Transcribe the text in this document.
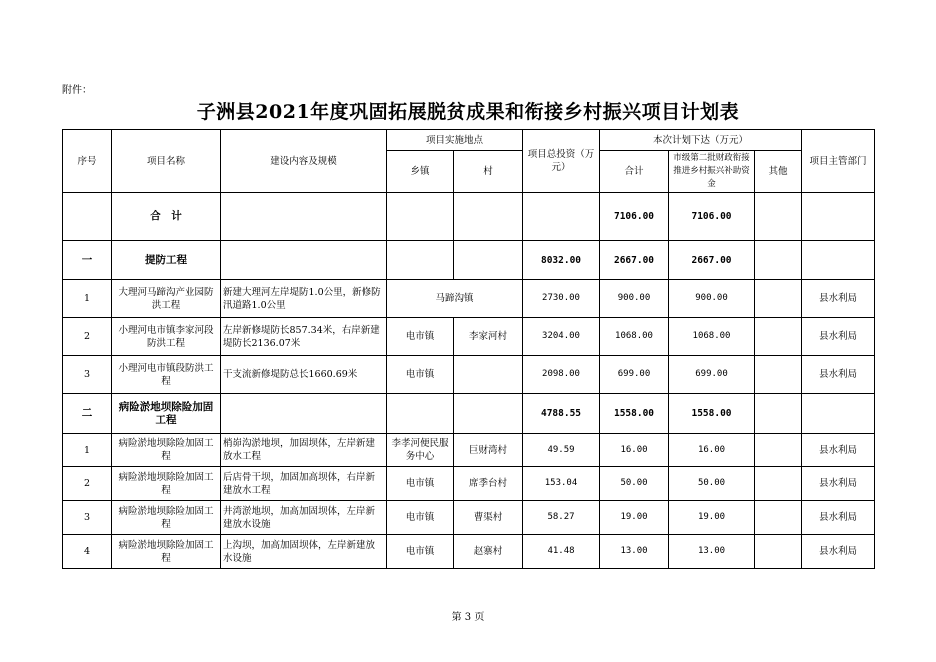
附件：
子洲县2021年度巩固拓展脱贫成果和衔接乡村振兴项目计划表
序号	项目名称	建设内容及规模	项目实施地点		项目总投资（万元）	本次计划下达（万元）			项目主管部门
			乡镇	村		合计	市级第二批财政衔接推进乡村振兴补助资金	其他	
	合　计					7106.00	7106.00		
一	提防工程				8032.00	2667.00	2667.00		
1	大理河马蹄沟产业园防洪工程	新建大理河左岸堤防1.0公里，新修防汛道路1.0公里	马蹄沟镇		2730.00	900.00	900.00		县水利局
2	小理河电市镇李家河段防洪工程	左岸新修堤防长857.34米，右岸新建堤防长2136.07米	电市镇	李家河村	3204.00	1068.00	1068.00		县水利局
3	小理河电市镇段防洪工程	干支流新修堤防总长1660.69米	电市镇		2098.00	699.00	699.00		县水利局
二	病险淤地坝除险加固工程				4788.55	1558.00	1558.00		
1	病险淤地坝除险加固工程	梢峁沟淤地坝，加固坝体，左岸新建放水工程	李孝河便民服务中心	巨财湾村	49.59	16.00	16.00		县水利局
2	病险淤地坝除险加固工程	后店骨干坝，加固加高坝体，右岸新建放水工程	电市镇	席季台村	153.04	50.00	50.00		县水利局
3	病险淤地坝除险加固工程	井湾淤地坝，加高加固坝体，左岸新建放水设施	电市镇	曹渠村	58.27	19.00	19.00		县水利局
4	病险淤地坝除险加固工程	上沟坝，加高加固坝体，左岸新建放水设施	电市镇	赵寨村	41.48	13.00	13.00		县水利局
第 3 页
